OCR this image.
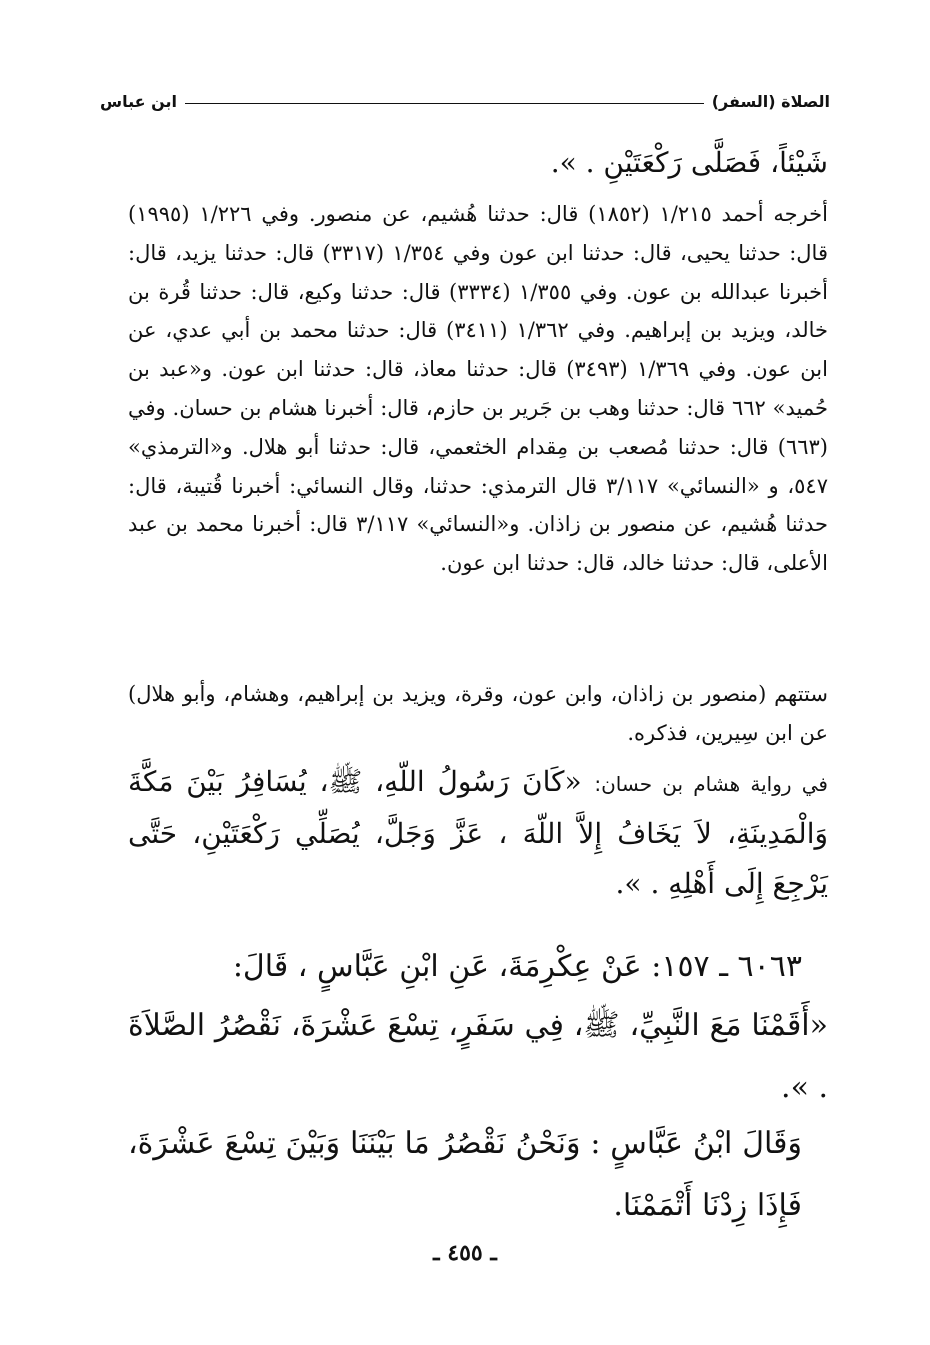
الصلاة (السفر)
ابن عباس
شَيْئاً، فَصَلَّى رَكْعَتَيْنِ . ».
أخرجه أحمد ١/٢١٥ (١٨٥٢) قال: حدثنا هُشيم، عن منصور. وفي ١/٢٢٦ (١٩٩٥) قال: حدثنا يحيى، قال: حدثنا ابن عون وفي ١/٣٥٤ (٣٣١٧) قال: حدثنا يزيد، قال: أخبرنا عبدالله بن عون. وفي ١/٣٥٥ (٣٣٣٤) قال: حدثنا وكيع، قال: حدثنا قُرة بن خالد، ويزيد بن إبراهيم. وفي ١/٣٦٢ (٣٤١١) قال: حدثنا محمد بن أبي عدي، عن ابن عون. وفي ١/٣٦٩ (٣٤٩٣) قال: حدثنا معاذ، قال: حدثنا ابن عون. و«عبد بن حُميد» ٦٦٢ قال: حدثنا وهب بن جَرير بن حازم، قال: أخبرنا هشام بن حسان. وفي (٦٦٣) قال: حدثنا مُصعب بن مِقدام الخثعمي، قال: حدثنا أبو هلال. و«الترمذي» ٥٤٧، و «النسائي» ٣/١١٧ قال الترمذي: حدثنا، وقال النسائي: أخبرنا قُتيبة، قال: حدثنا هُشيم، عن منصور بن زاذان. و«النسائي» ٣/١١٧ قال: أخبرنا محمد بن عبد الأعلى، قال: حدثنا خالد، قال: حدثنا ابن عون.
ستتهم (منصور بن زاذان، وابن عون، وقرة، ويزيد بن إبراهيم، وهشام، وأبو هلال) عن ابن سِيرين، فذكره.
في رواية هشام بن حسان: «كَانَ رَسُولُ اللّهِ، ﷺ، يُسَافِرُ بَيْنَ مَكَّةَ وَالْمَدِينَةِ، لاَ يَخَافُ إِلاَّ اللّهَ ، عَزَّ وَجَلَّ، يُصَلِّي رَكْعَتَيْنِ، حَتَّى يَرْجِعَ إِلَى أَهْلِهِ . ».
٦٠٦٣ ـ ١٥٧: عَنْ عِكْرِمَةَ، عَنِ ابْنِ عَبَّاسٍ ، قَالَ:
«أَقَمْنَا مَعَ النَّبِيِّ، ﷺ، فِي سَفَرٍ، تِسْعَ عَشْرَةَ، نَقْصُرُ الصَّلاَةَ . ».
وَقَالَ ابْنُ عَبَّاسٍ : وَنَحْنُ نَقْصُرُ مَا بَيْنَنَا وَبَيْنَ تِسْعَ عَشْرَةَ، فَإِذَا زِدْنَا أَتْمَمْنَا.
ـ ٤٥٥ ـ
